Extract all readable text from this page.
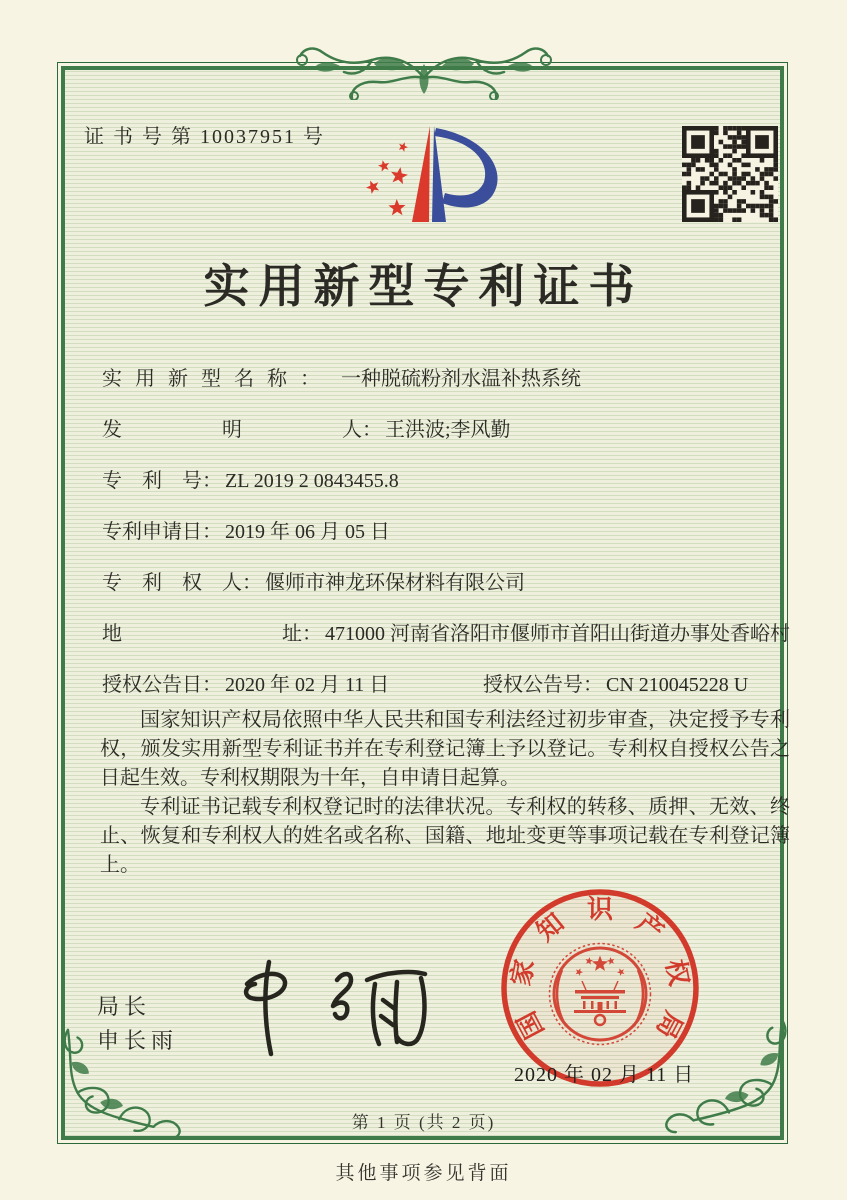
证 书 号 第 10037951 号
实用新型专利证书
实用新型名称： 一种脱硫粉剂水温补热系统
发　　　　　明　　　　　人： 王洪波;李风勤
专　利　号： ZL 2019 2 0843455.8
专利申请日： 2019 年 06 月 05 日
专　利　权　人： 偃师市神龙环保材料有限公司
地　　　　　　　　址： 471000 河南省洛阳市偃师市首阳山街道办事处香峪村
授权公告日： 2020 年 02 月 11 日	授权公告号： CN 210045228 U

国家知识产权局依照中华人民共和国专利法经过初步审查，决定授予专利权，颁发实用新型专利证书并在专利登记簿上予以登记。专利权自授权公告之日起生效。专利权期限为十年，自申请日起算。

专利证书记载专利权登记时的法律状况。专利权的转移、质押、无效、终止、恢复和专利权人的姓名或名称、国籍、地址变更等事项记载在专利登记簿上。

局长
申长雨	国
家
知 识 产
权
局
2020 年 02 月 11 日
第 1 页 (共 2 页)
其他事项参见背面
